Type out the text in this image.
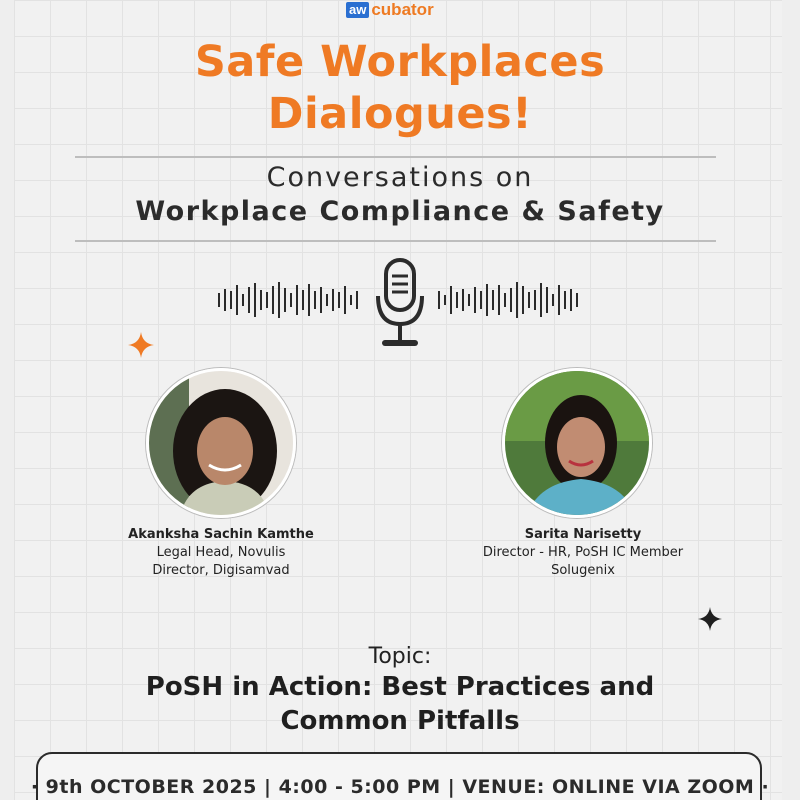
aw cubator
Safe Workplaces
Dialogues!
Conversations on
Workplace Compliance & Safety
Akanksha Sachin Kamthe
Legal Head, Novulis
Director, Digisamvad
Sarita Narisetty
Director - HR, PoSH IC Member
Solugenix
Topic:
PoSH in Action: Best Practices and
Common Pitfalls
· 9th OCTOBER 2025 | 4:00 - 5:00 PM | VENUE: ONLINE VIA ZOOM ·
